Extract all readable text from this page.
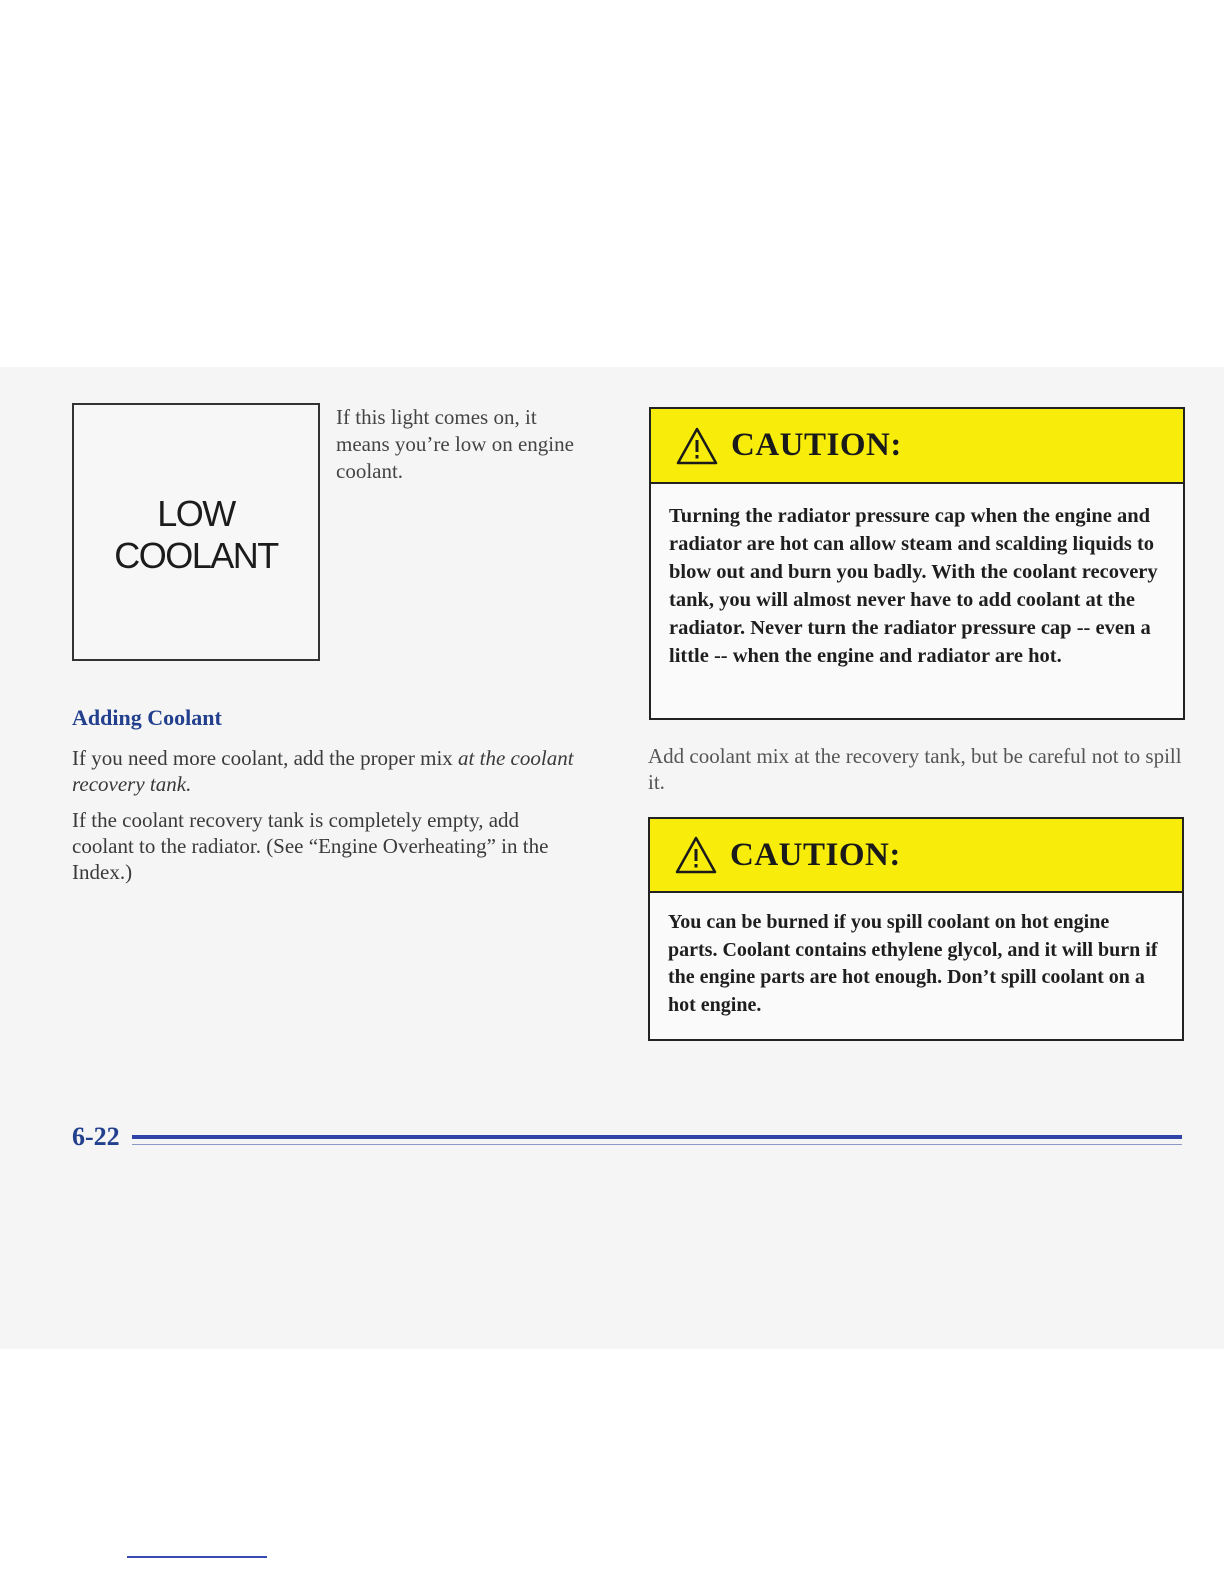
LOW
COOLANT
If this light comes on, it means you’re low on engine coolant.
Adding Coolant

If you need more coolant, add the proper mix at the coolant recovery tank.

If the coolant recovery tank is completely empty, add coolant to the radiator. (See “Engine Overheating” in the Index.)

CAUTION:
Turning the radiator pressure cap when the engine and radiator are hot can allow steam and scalding liquids to blow out and burn you badly. With the coolant recovery tank, you will almost never have to add coolant at the radiator. Never turn the radiator pressure cap -- even a little -- when the engine and radiator are hot.

Add coolant mix at the recovery tank, but be careful not to spill it.

CAUTION:
You can be burned if you spill coolant on hot engine parts. Coolant contains ethylene glycol, and it will burn if the engine parts are hot enough. Don’t spill coolant on a hot engine.
6-22
